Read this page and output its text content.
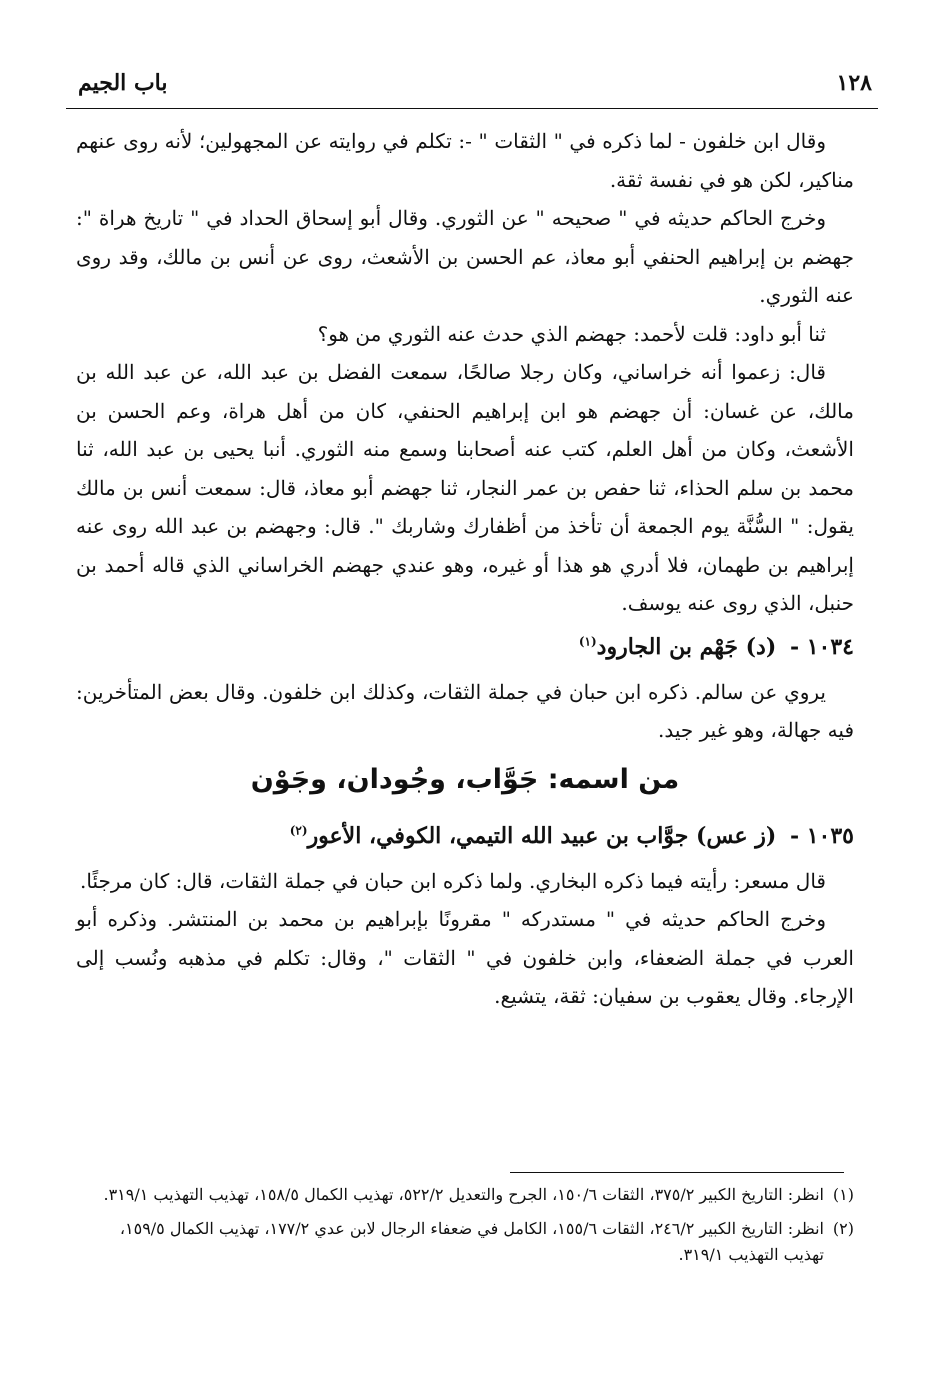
١٢٨
باب الجيم

وقال ابن خلفون - لما ذكره في " الثقات " -: تكلم في روايته عن المجهولين؛ لأنه روى عنهم مناكير، لكن هو في نفسة ثقة.

وخرج الحاكم حديثه في " صحيحه " عن الثوري. وقال أبو إسحاق الحداد في " تاريخ هراة ": جهضم بن إبراهيم الحنفي أبو معاذ، عم الحسن بن الأشعث، روى عن أنس بن مالك، وقد روى عنه الثوري.

ثنا أبو داود: قلت لأحمد: جهضم الذي حدث عنه الثوري من هو؟

قال: زعموا أنه خراساني، وكان رجلا صالحًا، سمعت الفضل بن عبد الله، عن عبد الله بن مالك، عن غسان: أن جهضم هو ابن إبراهيم الحنفي، كان من أهل هراة، وعم الحسن بن الأشعث، وكان من أهل العلم، كتب عنه أصحابنا وسمع منه الثوري. أنبا يحيى بن عبد الله، ثنا محمد بن سلم الحذاء، ثنا حفص بن عمر النجار، ثنا جهضم أبو معاذ، قال: سمعت أنس بن مالك يقول: " السُّنَّة يوم الجمعة أن تأخذ من أظفارك وشاربك ". قال: وجهضم بن عبد الله روى عنه إبراهيم بن طهمان، فلا أدري هو هذا أو غيره، وهو عندي جهضم الخراساني الذي قاله أحمد بن حنبل، الذي روى عنه يوسف.

١٠٣٤ - (د) جَهْم بن الجارود$^{(١)}$

يروي عن سالم. ذكره ابن حبان في جملة الثقات، وكذلك ابن خلفون. وقال بعض المتأخرين: فيه جهالة، وهو غير جيد.

من اسمه: جَوَّاب، وجُودان، وجَوْن
١٠٣٥ - (ز عس) جوَّاب بن عبيد الله التيمي، الكوفي، الأعور$^{(٢)}$

قال مسعر: رأيته فيما ذكره البخاري. ولما ذكره ابن حبان في جملة الثقات، قال: كان مرجئًا.

وخرج الحاكم حديثه في " مستدركه " مقرونًا بإبراهيم بن محمد بن المنتشر. وذكره أبو العرب في جملة الضعفاء، وابن خلفون في " الثقات "، وقال: تكلم في مذهبه ونُسب إلى الإرجاء. وقال يعقوب بن سفيان: ثقة، يتشيع.

(١)
انظر: التاريخ الكبير ٣٧٥/٢، الثقات ١٥٠/٦، الجرح والتعديل ٥٢٢/٢، تهذيب الكمال ١٥٨/٥، تهذيب التهذيب ٣١٩/١.
(٢)
انظر: التاريخ الكبير ٢٤٦/٢، الثقات ١٥٥/٦، الكامل في ضعفاء الرجال لابن عدي ١٧٧/٢، تهذيب الكمال ١٥٩/٥، تهذيب التهذيب ٣١٩/١.
